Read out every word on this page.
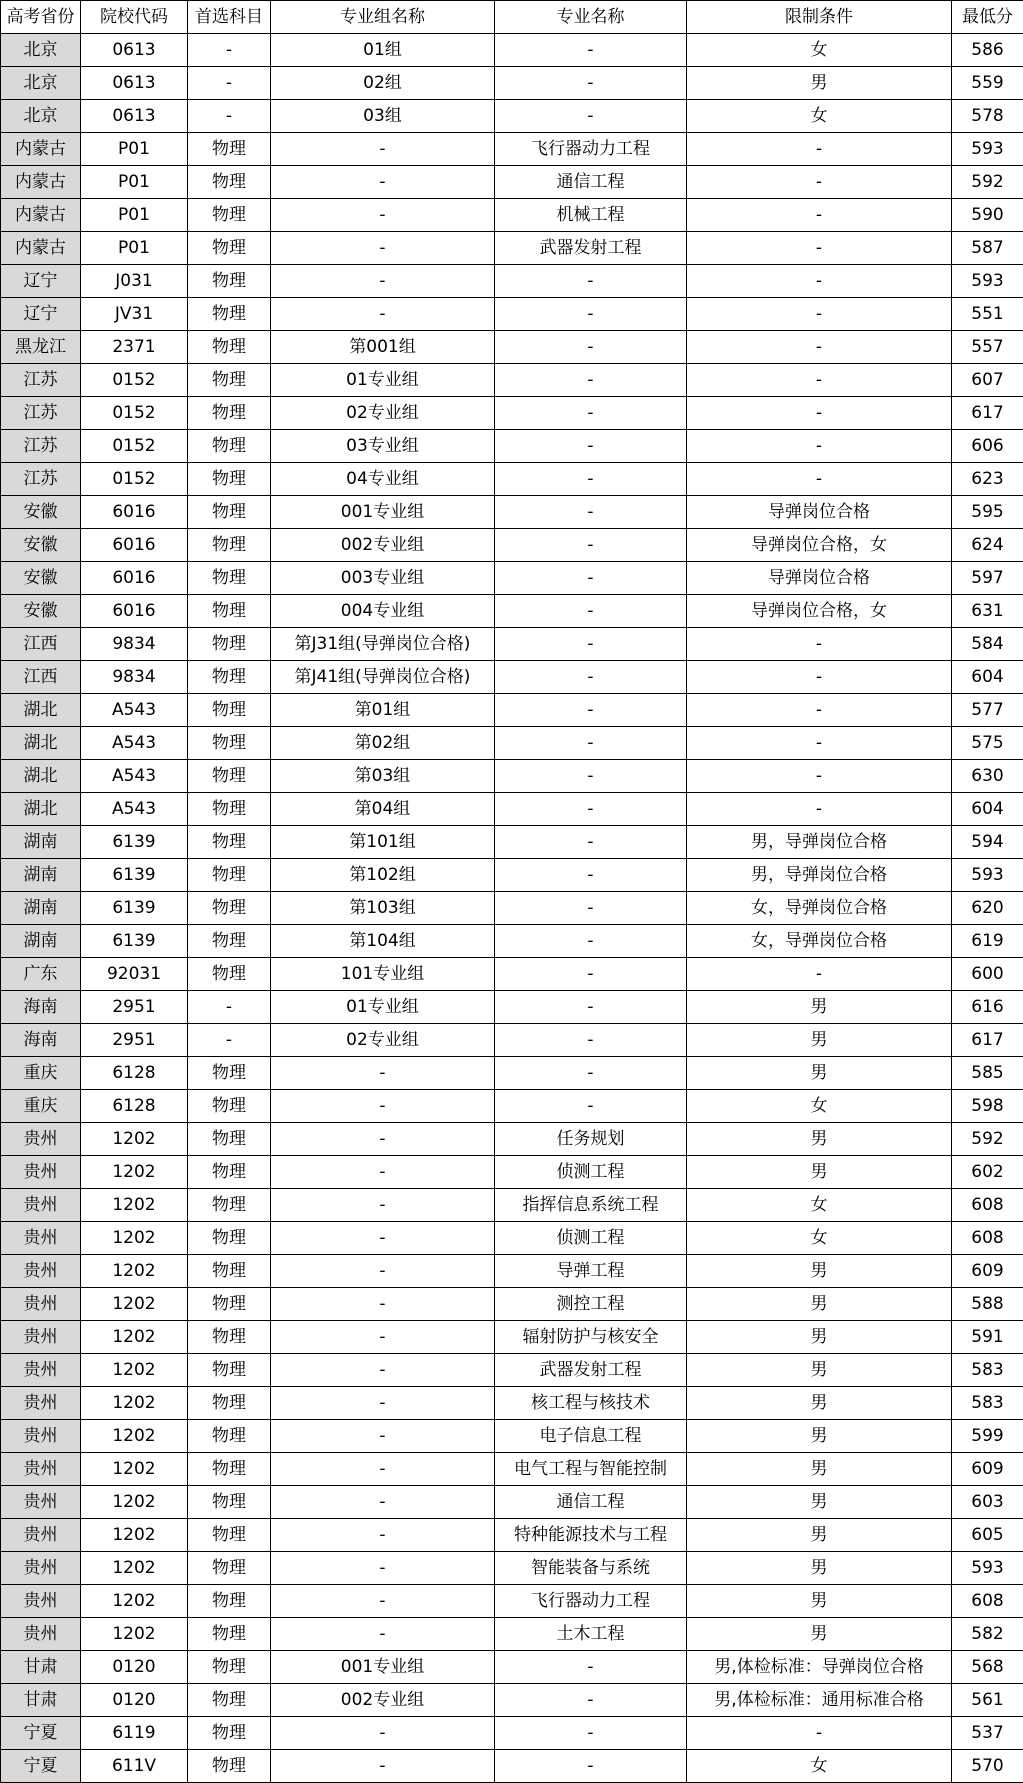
高考省份	院校代码	首选科目	专业组名称	专业名称	限制条件	最低分
北京	0613	-	01组	-	女	586
北京	0613	-	02组	-	男	559
北京	0613	-	03组	-	女	578
内蒙古	P01	物理	-	飞行器动力工程	-	593
内蒙古	P01	物理	-	通信工程	-	592
内蒙古	P01	物理	-	机械工程	-	590
内蒙古	P01	物理	-	武器发射工程	-	587
辽宁	J031	物理	-	-	-	593
辽宁	JV31	物理	-	-	-	551
黑龙江	2371	物理	第001组	-	-	557
江苏	0152	物理	01专业组	-	-	607
江苏	0152	物理	02专业组	-	-	617
江苏	0152	物理	03专业组	-	-	606
江苏	0152	物理	04专业组	-	-	623
安徽	6016	物理	001专业组	-	导弹岗位合格	595
安徽	6016	物理	002专业组	-	导弹岗位合格，女	624
安徽	6016	物理	003专业组	-	导弹岗位合格	597
安徽	6016	物理	004专业组	-	导弹岗位合格，女	631
江西	9834	物理	第J31组(导弹岗位合格)	-	-	584
江西	9834	物理	第J41组(导弹岗位合格)	-	-	604
湖北	A543	物理	第01组	-	-	577
湖北	A543	物理	第02组	-	-	575
湖北	A543	物理	第03组	-	-	630
湖北	A543	物理	第04组	-	-	604
湖南	6139	物理	第101组	-	男，导弹岗位合格	594
湖南	6139	物理	第102组	-	男，导弹岗位合格	593
湖南	6139	物理	第103组	-	女，导弹岗位合格	620
湖南	6139	物理	第104组	-	女，导弹岗位合格	619
广东	92031	物理	101专业组	-	-	600
海南	2951	-	01专业组	-	男	616
海南	2951	-	02专业组	-	男	617
重庆	6128	物理	-	-	男	585
重庆	6128	物理	-	-	女	598
贵州	1202	物理	-	任务规划	男	592
贵州	1202	物理	-	侦测工程	男	602
贵州	1202	物理	-	指挥信息系统工程	女	608
贵州	1202	物理	-	侦测工程	女	608
贵州	1202	物理	-	导弹工程	男	609
贵州	1202	物理	-	测控工程	男	588
贵州	1202	物理	-	辐射防护与核安全	男	591
贵州	1202	物理	-	武器发射工程	男	583
贵州	1202	物理	-	核工程与核技术	男	583
贵州	1202	物理	-	电子信息工程	男	599
贵州	1202	物理	-	电气工程与智能控制	男	609
贵州	1202	物理	-	通信工程	男	603
贵州	1202	物理	-	特种能源技术与工程	男	605
贵州	1202	物理	-	智能装备与系统	男	593
贵州	1202	物理	-	飞行器动力工程	男	608
贵州	1202	物理	-	土木工程	男	582
甘肃	0120	物理	001专业组	-	男,体检标准：导弹岗位合格	568
甘肃	0120	物理	002专业组	-	男,体检标准：通用标准合格	561
宁夏	6119	物理	-	-	-	537
宁夏	611V	物理	-	-	女	570
